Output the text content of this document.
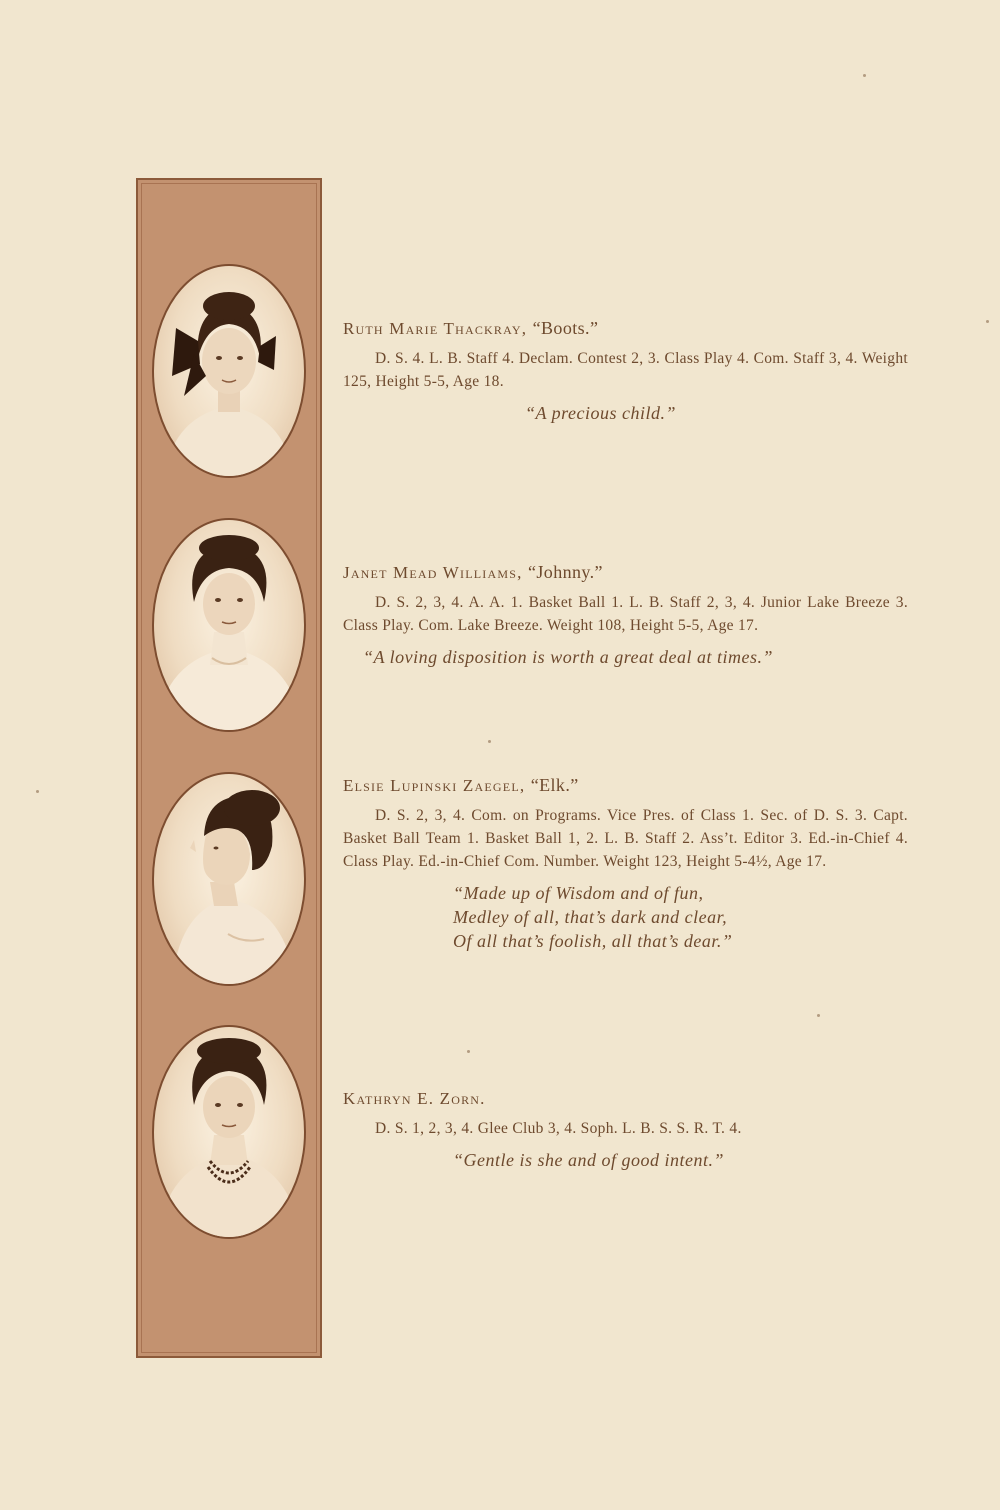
Ruth Marie Thackray, “Boots.”

D. S. 4. L. B. Staff 4. Declam. Contest 2, 3. Class Play 4. Com. Staff 3, 4. Weight 125, Height 5-5, Age 18.

“A precious child.”

Janet Mead Williams, “Johnny.”

D. S. 2, 3, 4. A. A. 1. Basket Ball 1. L. B. Staff 2, 3, 4. Junior Lake Breeze 3. Class Play. Com. Lake Breeze. Weight 108, Height 5-5, Age 17.

“A loving disposition is worth a great deal at times.”

Elsie Lupinski Zaegel, “Elk.”

D. S. 2, 3, 4. Com. on Programs. Vice Pres. of Class 1. Sec. of D. S. 3. Capt. Basket Ball Team 1. Basket Ball 1, 2. L. B. Staff 2. Ass’t. Editor 3. Ed.-in-Chief 4. Class Play. Ed.-in-Chief Com. Number. Weight 123, Height 5-4½, Age 17.

“Made up of Wisdom and of fun,
Medley of all, that’s dark and clear,
Of all that’s foolish, all that’s dear.”

Kathryn E. Zorn.

D. S. 1, 2, 3, 4. Glee Club 3, 4. Soph. L. B. S. S. R. T. 4.

“Gentle is she and of good intent.”
